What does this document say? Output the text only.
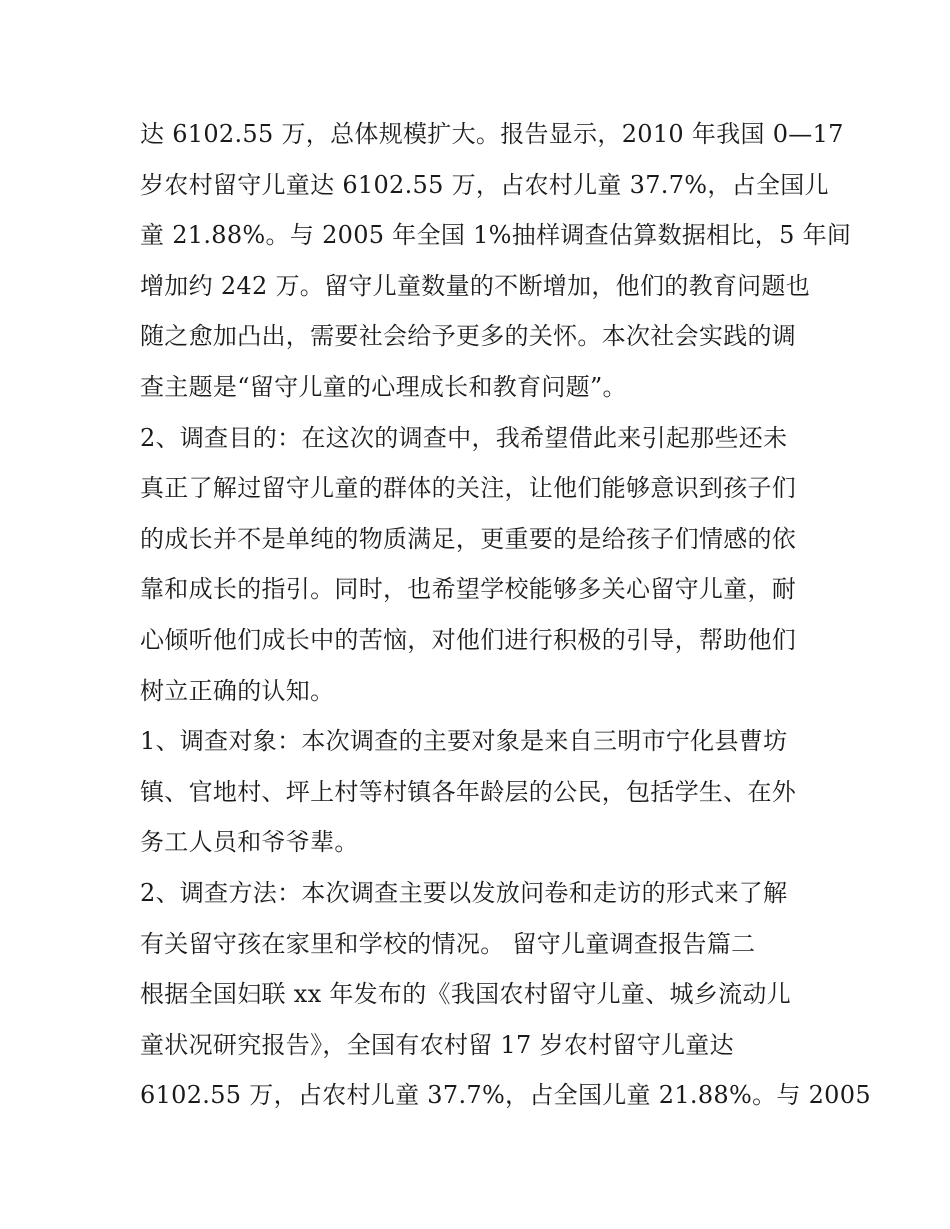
达 6102.55 万，总体规模扩大。报告显示，2010 年我国 0—17
岁农村留守儿童达 6102.55 万，占农村儿童 37.7%，占全国儿
童 21.88%。与 2005 年全国 1%抽样调查估算数据相比，5 年间
增加约 242 万。留守儿童数量的不断增加，他们的教育问题也
随之愈加凸出，需要社会给予更多的关怀。本次社会实践的调
查主题是“留守儿童的心理成长和教育问题”。
2、调查目的：在这次的调查中，我希望借此来引起那些还未
真正了解过留守儿童的群体的关注，让他们能够意识到孩子们
的成长并不是单纯的物质满足，更重要的是给孩子们情感的依
靠和成长的指引。同时，也希望学校能够多关心留守儿童，耐
心倾听他们成长中的苦恼，对他们进行积极的引导，帮助他们
树立正确的认知。
1、调查对象：本次调查的主要对象是来自三明市宁化县曹坊
镇、官地村、坪上村等村镇各年龄层的公民，包括学生、在外
务工人员和爷爷辈。
2、调查方法：本次调查主要以发放问卷和走访的形式来了解
有关留守孩在家里和学校的情况。 留守儿童调查报告篇二
根据全国妇联 xx 年发布的《我国农村留守儿童、城乡流动儿
童状况研究报告》，全国有农村留 17 岁农村留守儿童达
6102.55 万，占农村儿童 37.7%，占全国儿童 21.88%。与 2005
